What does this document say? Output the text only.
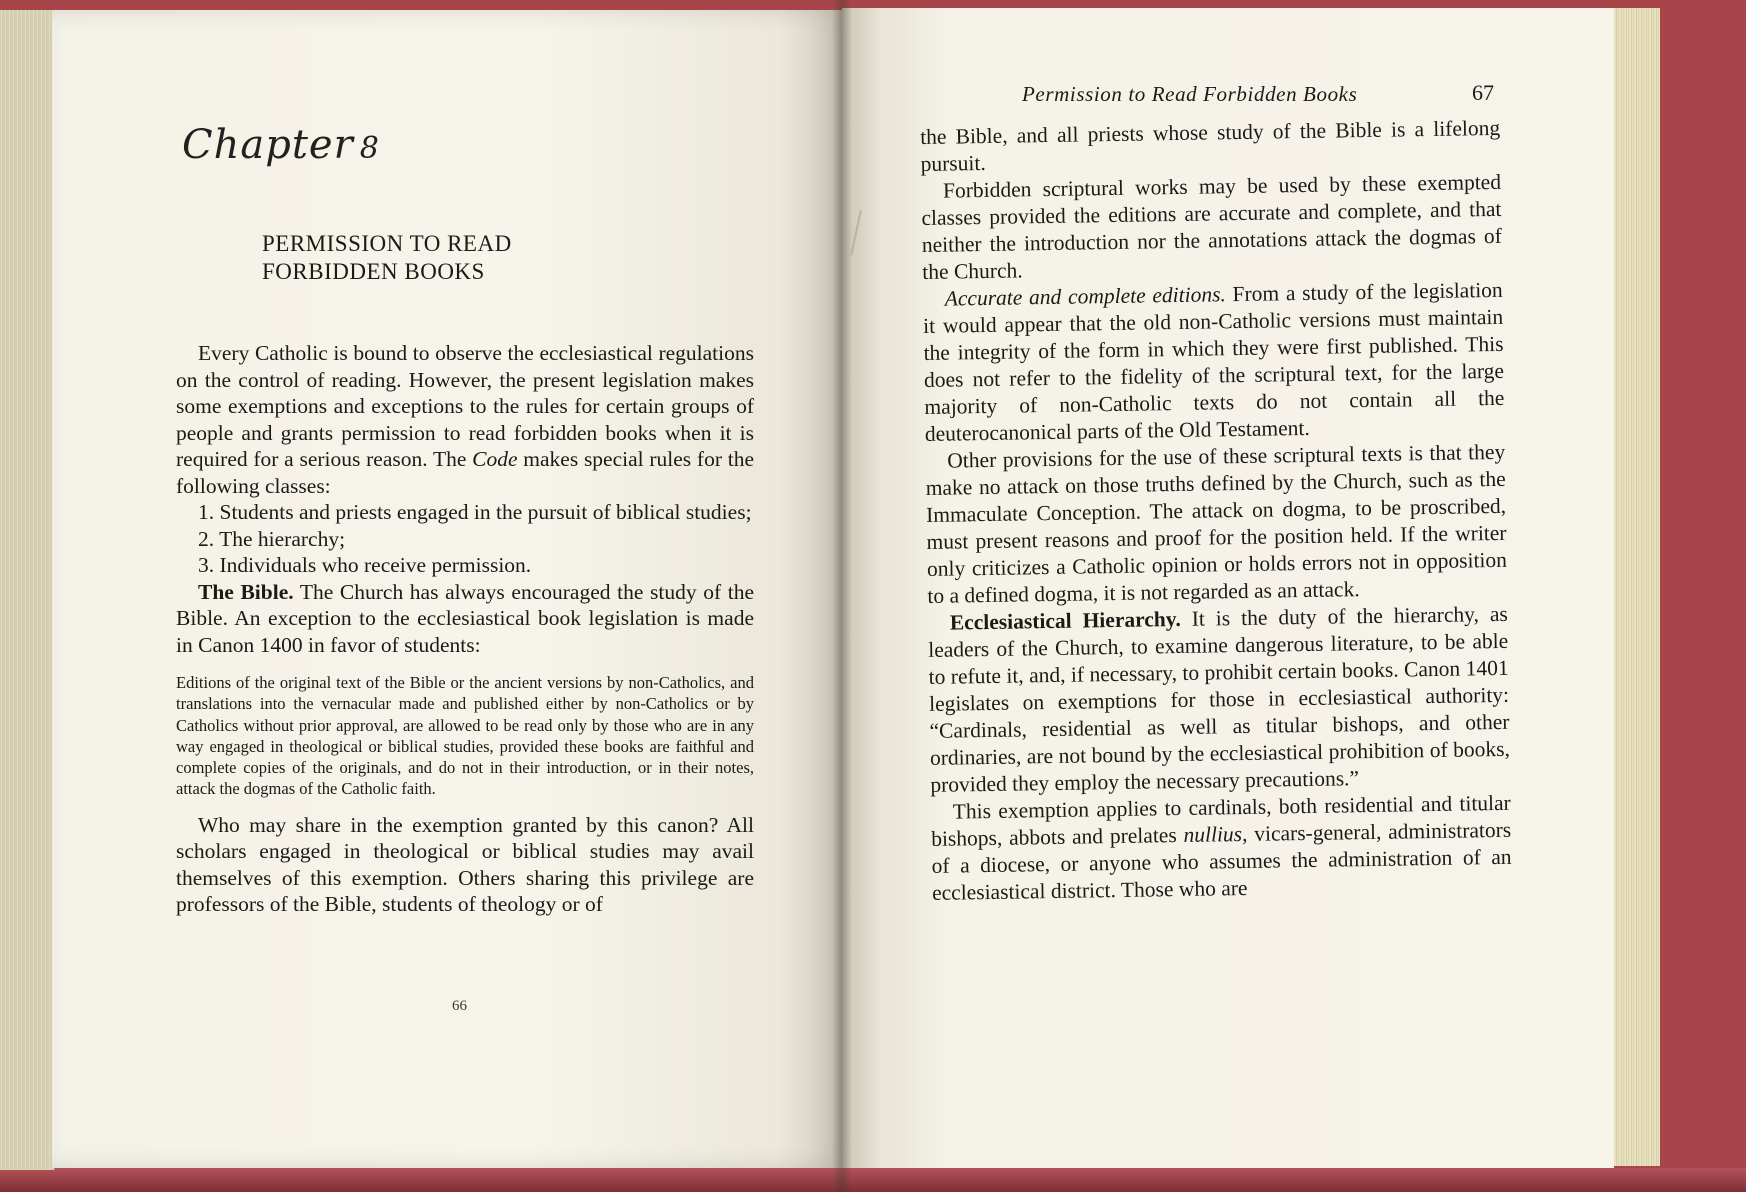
Chapter 8
PERMISSION TO READ
FORBIDDEN BOOKS

Every Catholic is bound to observe the ecclesiastical regulations on the control of reading. However, the present legislation makes some exemptions and exceptions to the rules for certain groups of people and grants permission to read forbidden books when it is required for a serious reason. The Code makes special rules for the following classes:

1. Students and priests engaged in the pursuit of biblical studies;

2. The hierarchy;

3. Individuals who receive permission.

The Bible. The Church has always encouraged the study of the Bible. An exception to the ecclesiastical book legislation is made in Canon 1400 in favor of students:

Editions of the original text of the Bible or the ancient versions by non-Catholics, and translations into the vernacular made and published either by non-Catholics or by Catholics without prior approval, are allowed to be read only by those who are in any way engaged in theological or biblical studies, provided these books are faithful and complete copies of the originals, and do not in their introduction, or in their notes, attack the dogmas of the Catholic faith.

Who may share in the exemption granted by this canon? All scholars engaged in theological or biblical studies may avail themselves of this exemption. Others sharing this privilege are professors of the Bible, students of theology or of

66
Permission to Read Forbidden Books	67

the Bible, and all priests whose study of the Bible is a lifelong pursuit.

Forbidden scriptural works may be used by these exempted classes provided the editions are accurate and complete, and that neither the introduction nor the annotations attack the dogmas of the Church.

Accurate and complete editions. From a study of the legislation it would appear that the old non-Catholic versions must maintain the integrity of the form in which they were first published. This does not refer to the fidelity of the scriptural text, for the large majority of non-Catholic texts do not contain all the deuterocanonical parts of the Old Testament.

Other provisions for the use of these scriptural texts is that they make no attack on those truths defined by the Church, such as the Immaculate Conception. The attack on dogma, to be proscribed, must present reasons and proof for the position held. If the writer only criticizes a Catholic opinion or holds errors not in opposition to a defined dogma, it is not regarded as an attack.

Ecclesiastical Hierarchy. It is the duty of the hierarchy, as leaders of the Church, to examine dangerous literature, to be able to refute it, and, if necessary, to prohibit certain books. Canon 1401 legislates on exemptions for those in ecclesiastical authority: “Cardinals, residential as well as titular bishops, and other ordinaries, are not bound by the ecclesiastical prohibition of books, provided they employ the necessary precautions.”

This exemption applies to cardinals, both residential and titular bishops, abbots and prelates nullius, vicars-general, administrators of a diocese, or anyone who assumes the administration of an ecclesiastical district. Those who are
